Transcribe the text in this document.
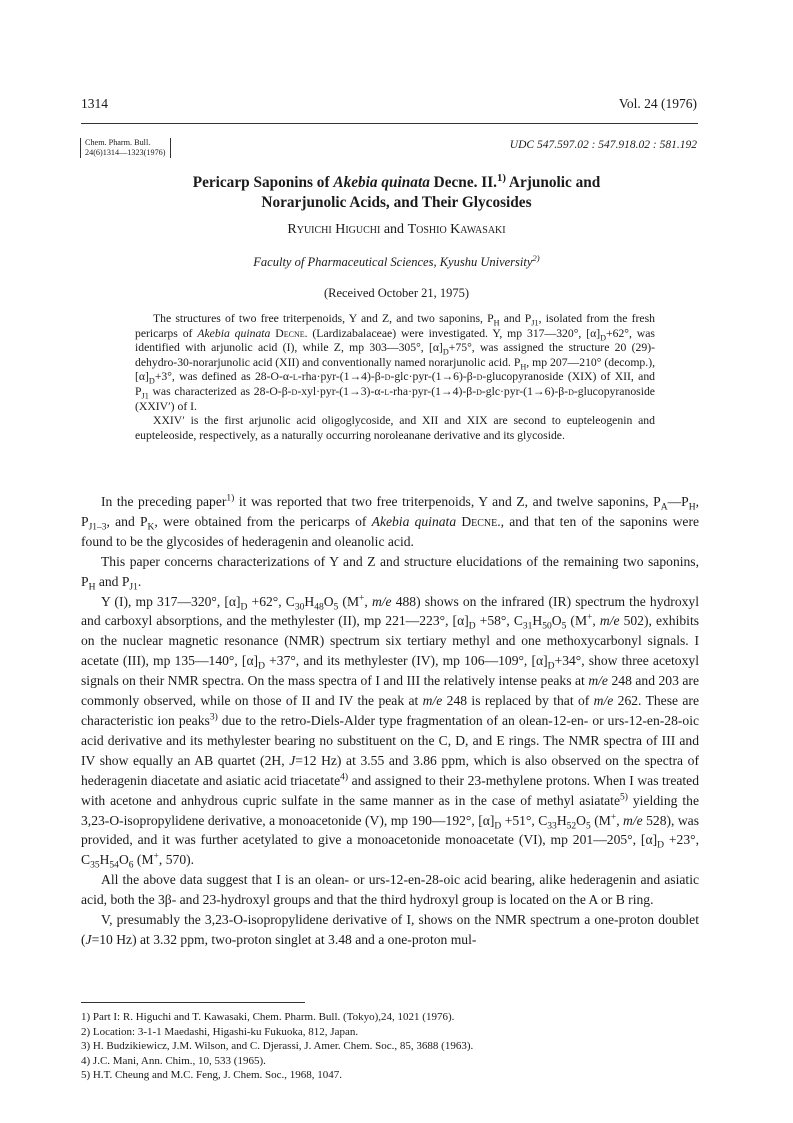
1314	Vol. 24 (1976)
Chem. Pharm. Bull.
24(6)1314—1323(1976)
UDC 547.597.02 : 547.918.02 : 581.192
Pericarp Saponins of Akebia quinata Decne. II.$^{1)}$ Arjunolic and
Norarjunolic Acids, and Their Glycosides
Ryuichi Higuchi and Toshio Kawasaki
Faculty of Pharmaceutical Sciences, Kyushu University$^{2)}$
(Received October 21, 1975)

The structures of two free triterpenoids, Y and Z, and two saponins, $P_H$ and $P_{J1}$, isolated from the fresh pericarps of Akebia quinata Decne. (Lardizabalaceae) were investigated. Y, mp 317—320°, $[\alpha]_D+62^\circ$, was identified with arjunolic acid (I), while Z, mp 303—305°, $[\alpha]_D+75^\circ$, was assigned the structure 20 (29)-dehydro-30-norarjunolic acid (XII) and conventionally named norarjunolic acid. $P_H$, mp 207—210° (decomp.), $[\alpha]_D+3^\circ$, was defined as 28-O-α-l-rha·pyr-(1→4)-β-d-glc·pyr-(1→6)-β-d-glucopyranoside (XIX) of XII, and $P_{J1}$ was characterized as 28-O-β-d-xyl·pyr-(1→3)-α-l-rha·pyr-(1→4)-β-d-glc·pyr-(1→6)-β-d-glucopyranoside (XXIV′) of I.

XXIV′ is the first arjunolic acid oligoglycoside, and XII and XIX are second to eupteleogenin and eupteleoside, respectively, as a naturally occurring noroleanane derivative and its glycoside.

In the preceding paper$^{1)}$ it was reported that two free triterpenoids, Y and Z, and twelve saponins, $P_A—P_H$, $P_{J1-3}$, and $P_K$, were obtained from the pericarps of Akebia quinata Decne., and that ten of the saponins were found to be the glycosides of hederagenin and oleanolic acid.

This paper concerns characterizations of Y and Z and structure elucidations of the remaining two saponins, $P_H$ and $P_{J1}$.

Y (I), mp 317—320°, $[\alpha]_D +62^\circ$, $C_{30}H_{48}O_5$ (M+, m/e 488) shows on the infrared (IR) spectrum the hydroxyl and carboxyl absorptions, and the methylester (II), mp 221—223°, $[\alpha]_D +58^\circ$, $C_{31}H_{50}O_5$ (M+, m/e 502), exhibits on the nuclear magnetic resonance (NMR) spectrum six tertiary methyl and one methoxycarbonyl signals. I acetate (III), mp 135—140°, $[\alpha]_D +37^\circ$, and its methylester (IV), mp 106—109°, $[\alpha]_D+34^\circ$, show three acetoxyl signals on their NMR spectra. On the mass spectra of I and III the relatively intense peaks at m/e 248 and 203 are commonly observed, while on those of II and IV the peak at m/e 248 is replaced by that of m/e 262. These are characteristic ion peaks$^{3)}$ due to the retro-Diels-Alder type fragmentation of an olean-12-en- or urs-12-en-28-oic acid derivative and its methylester bearing no substituent on the C, D, and E rings. The NMR spectra of III and IV show equally an AB quartet (2H, J=12 Hz) at 3.55 and 3.86 ppm, which is also observed on the spectra of hederagenin diacetate and asiatic acid triacetate$^{4)}$ and assigned to their 23-methylene protons. When I was treated with acetone and anhydrous cupric sulfate in the same manner as in the case of methyl asiatate$^{5)}$ yielding the 3,23-O-isopropylidene derivative, a monoacetonide (V), mp 190—192°, $[\alpha]_D +51^\circ$, $C_{33}H_{52}O_5$ (M+, m/e 528), was provided, and it was further acetylated to give a monoacetonide monoacetate (VI), mp 201—205°, $[\alpha]_D +23^\circ$, $C_{35}H_{54}O_6$ (M+, 570).

All the above data suggest that I is an olean- or urs-12-en-28-oic acid bearing, alike hederagenin and asiatic acid, both the 3β- and 23-hydroxyl groups and that the third hydroxyl group is located on the A or B ring.

V, presumably the 3,23-O-isopropylidene derivative of I, shows on the NMR spectrum a one-proton doublet (J=10 Hz) at 3.32 ppm, two-proton singlet at 3.48 and a one-proton mul-

1) Part I: R. Higuchi and T. Kawasaki, Chem. Pharm. Bull. (Tokyo),24, 1021 (1976).
2) Location: 3-1-1 Maedashi, Higashi-ku Fukuoka, 812, Japan.
3) H. Budzikiewicz, J.M. Wilson, and C. Djerassi, J. Amer. Chem. Soc., 85, 3688 (1963).
4) J.C. Mani, Ann. Chim., 10, 533 (1965).
5) H.T. Cheung and M.C. Feng, J. Chem. Soc., 1968, 1047.
